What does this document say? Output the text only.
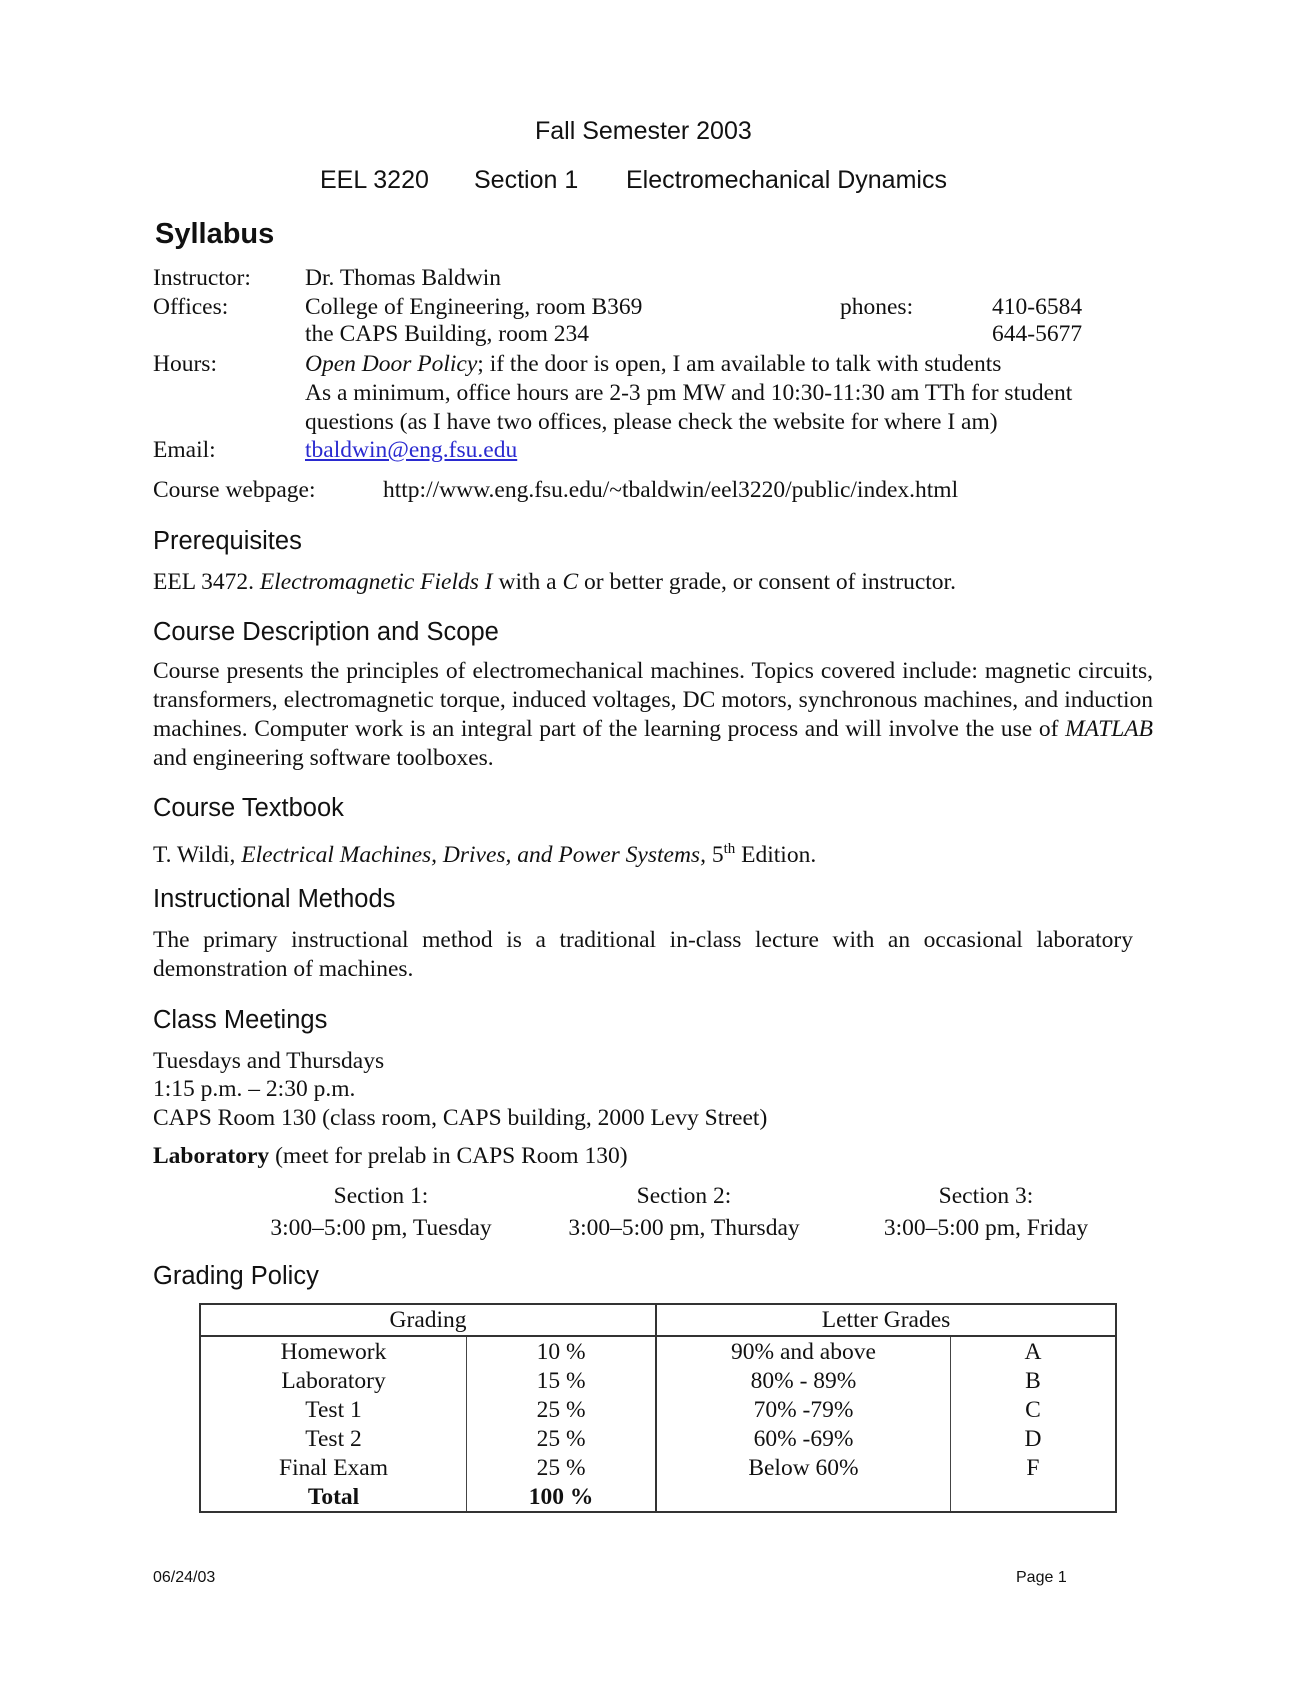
Fall Semester 2003
EEL 3220 Section 1 Electromechanical Dynamics
Syllabus
Instructor: Dr. Thomas Baldwin
Offices:	College of Engineering, room B369	phones:	410-6584
the CAPS Building, room 234	644-5677
Hours:	Open Door Policy; if the door is open, I am available to talk with students
As a minimum, office hours are 2-3 pm MW and 10:30-11:30 am TTh for student
questions (as I have two offices, please check the website for where I am)
Email:	tbaldwin@eng.fsu.edu
Course webpage:	http://www.eng.fsu.edu/~tbaldwin/eel3220/public/index.html
Prerequisites
EEL 3472. Electromagnetic Fields I with a C or better grade, or consent of instructor.
Course Description and Scope
Course presents the principles of electromechanical machines. Topics covered include: magnetic circuits, transformers, electromagnetic torque, induced voltages, DC motors, synchronous machines, and induction machines. Computer work is an integral part of the learning process and will involve the use of MATLAB and engineering software toolboxes.
Course Textbook
T. Wildi, Electrical Machines, Drives, and Power Systems, 5th Edition.
Instructional Methods
The primary instructional method is a traditional in-class lecture with an occasional laboratory demonstration of machines.
Class Meetings
Tuesdays and Thursdays
1:15 p.m. – 2:30 p.m.
CAPS Room 130 (class room, CAPS building, 2000 Levy Street)
Laboratory (meet for prelab in CAPS Room 130)
Section 1:
3:00–5:00 pm, Tuesday
Section 2:
3:00–5:00 pm, Thursday
Section 3:
3:00–5:00 pm, Friday
Grading Policy
Grading		Letter Grades	
Homework	10 %	90% and above	A
Laboratory	15 %	80% - 89%	B
Test 1	25 %	70% -79%	C
Test 2	25 %	60% -69%	D
Final Exam	25 %	Below 60%	F
Total	100 %		
06/24/03	Page 1
